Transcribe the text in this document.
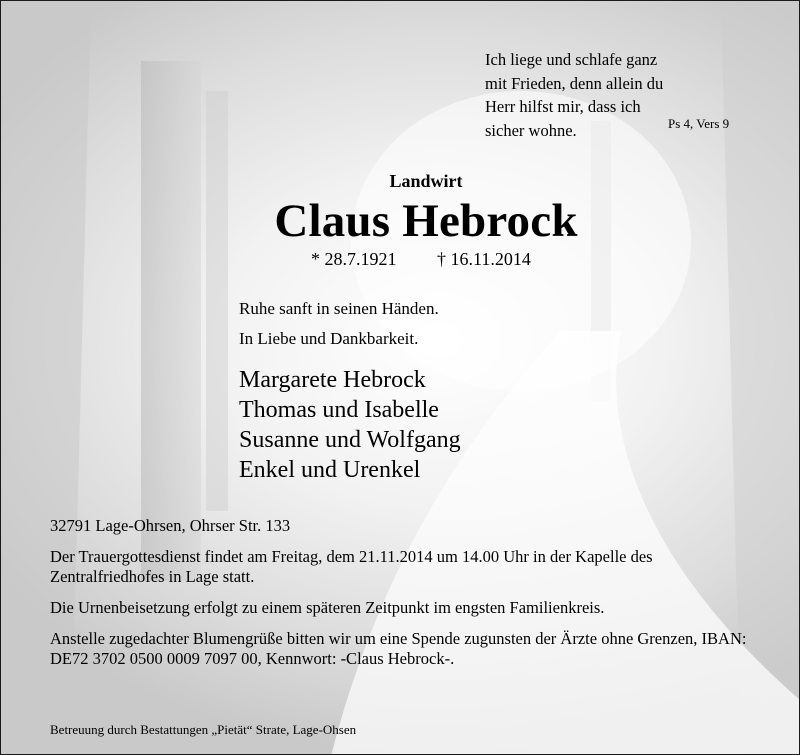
Ich liege und schlafe ganz
mit Frieden, denn allein du
Herr hilfst mir, dass ich
sicher wohne.	Ps 4, Vers 9
Landwirt
Claus Hebrock
* 28.7.1921 † 16.11.2014
Ruhe sanft in seinen Händen.
In Liebe und Dankbarkeit.
Margarete Hebrock
Thomas und Isabelle
Susanne und Wolfgang
Enkel und Urenkel

32791 Lage-Ohrsen, Ohrser Str. 133

Der Trauergottesdienst findet am Freitag, dem 21.11.2014 um 14.00 Uhr in der Kapelle des Zentralfriedhofes in Lage statt.

Die Urnenbeisetzung erfolgt zu einem späteren Zeitpunkt im engsten Familienkreis.

Anstelle zugedachter Blumengrüße bitten wir um eine Spende zugunsten der Ärzte ohne Grenzen, IBAN: DE72 3702 0500 0009 7097 00, Kennwort: -Claus Hebrock-.

Betreuung durch Bestattungen „Pietät“ Strate, Lage-Ohsen
